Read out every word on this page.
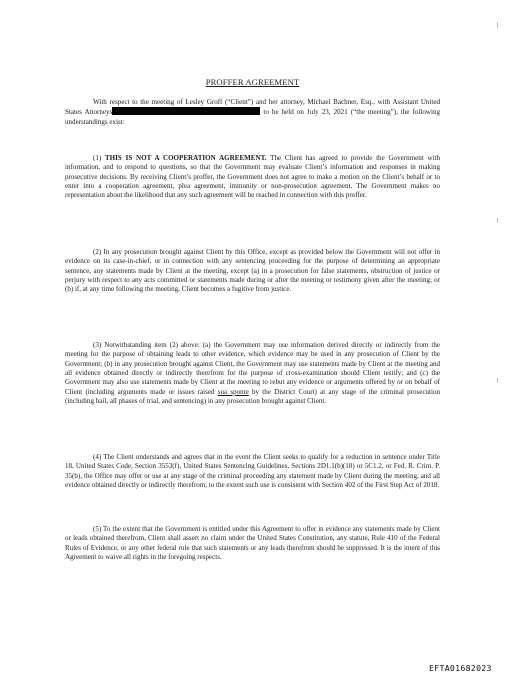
PROFFER AGREEMENT

With respect to the meeting of Lesley Groff (“Client”) and her attorney, Michael Bachner, Esq., with Assistant United States Attorneys	to be held on July 23, 2021 (“the meeting”), the following understandings exist:

(1) THIS IS NOT A COOPERATION AGREEMENT. The Client has agreed to provide the Government with information, and to respond to questions, so that the Government may evaluate Client’s information and responses in making prosecutive decisions. By receiving Client’s proffer, the Government does not agree to make a motion on the Client’s behalf or to enter into a cooperation agreement, plea agreement, immunity or non-prosecution agreement. The Government makes no representation about the likelihood that any such agreement will be reached in connection with this proffer.

(2) In any prosecution brought against Client by this Office, except as provided below the Government will not offer in evidence on its case-in-chief, or in connection with any sentencing proceeding for the purpose of determining an appropriate sentence, any statements made by Client at the meeting, except (a) in a prosecution for false statements, obstruction of justice or perjury with respect to any acts committed or statements made during or after the meeting or testimony given after the meeting; or (b) if, at any time following the meeting, Client becomes a fugitive from justice.

(3) Notwithstanding item (2) above: (a) the Government may use information derived directly or indirectly from the meeting for the purpose of obtaining leads to other evidence, which evidence may be used in any prosecution of Client by the Government; (b) in any prosecution brought against Client, the Government may use statements made by Client at the meeting and all evidence obtained directly or indirectly therefrom for the purpose of cross-examination should Client testify; and (c) the Government may also use statements made by Client at the meeting to rebut any evidence or arguments offered by or on behalf of Client (including arguments made or issues raised sua sponte by the District Court) at any stage of the criminal prosecution (including bail, all phases of trial, and sentencing) in any prosecution brought against Client.

(4) The Client understands and agrees that in the event the Client seeks to qualify for a reduction in sentence under Title 18, United States Code, Section 3553(f), United States Sentencing Guidelines, Sections 2D1.1(b)(18) or 5C1.2, or Fed. R. Crim. P. 35(b), the Office may offer or use at any stage of the criminal proceeding any statement made by Client during the meeting, and all evidence obtained directly or indirectly therefrom, to the extent such use is consistent with Section 402 of the First Step Act of 2018.

(5) To the extent that the Government is entitled under this Agreement to offer in evidence any statements made by Client or leads obtained therefrom, Client shall assert no claim under the United States Constitution, any statute, Rule 410 of the Federal Rules of Evidence, or any other federal rule that such statements or any leads therefrom should be suppressed. It is the intent of this Agreement to waive all rights in the foregoing respects.

EFTA01682023
